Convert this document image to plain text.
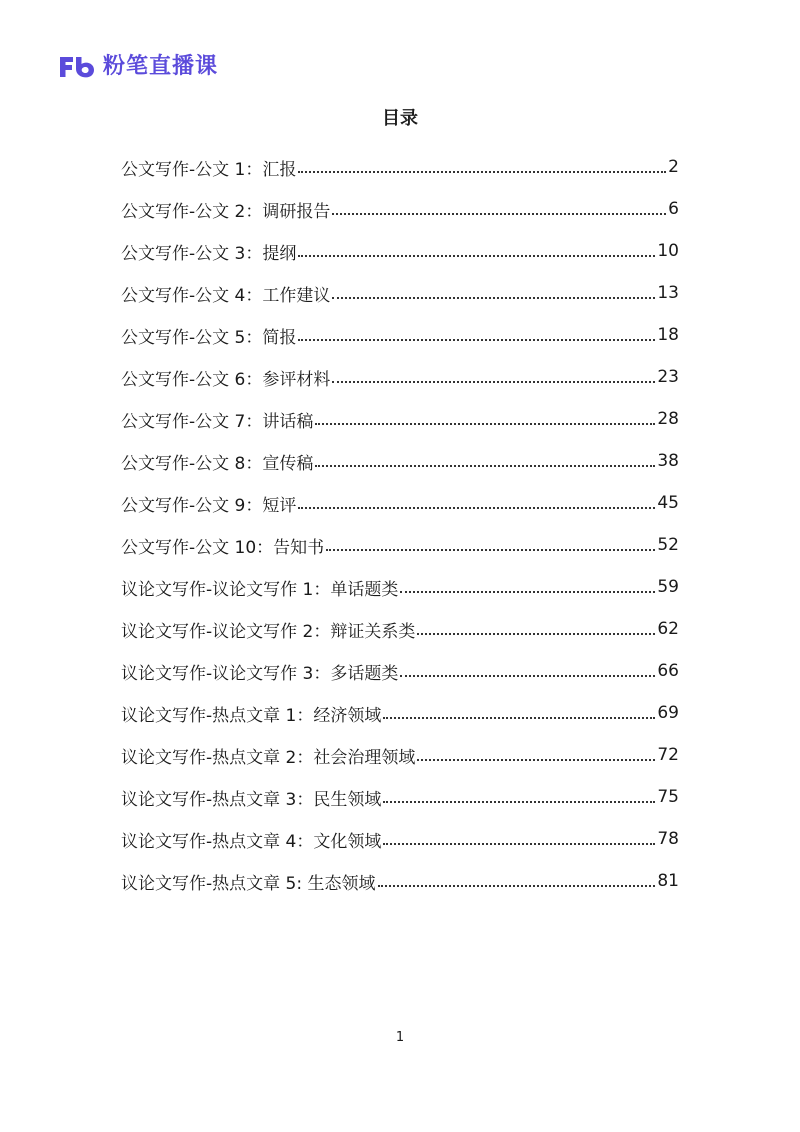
粉笔直播课
目录
公文写作-公文 1：汇报	2
公文写作-公文 2：调研报告	6
公文写作-公文 3：提纲	10
公文写作-公文 4：工作建议	13
公文写作-公文 5：简报	18
公文写作-公文 6：参评材料	23
公文写作-公文 7：讲话稿	28
公文写作-公文 8：宣传稿	38
公文写作-公文 9：短评	45
公文写作-公文 10：告知书	52
议论文写作-议论文写作 1：单话题类	59
议论文写作-议论文写作 2：辩证关系类	62
议论文写作-议论文写作 3：多话题类	66
议论文写作-热点文章 1：经济领域	69
议论文写作-热点文章 2：社会治理领域	72
议论文写作-热点文章 3：民生领域	75
议论文写作-热点文章 4：文化领域	78
议论文写作-热点文章 5: 生态领域	81
1
